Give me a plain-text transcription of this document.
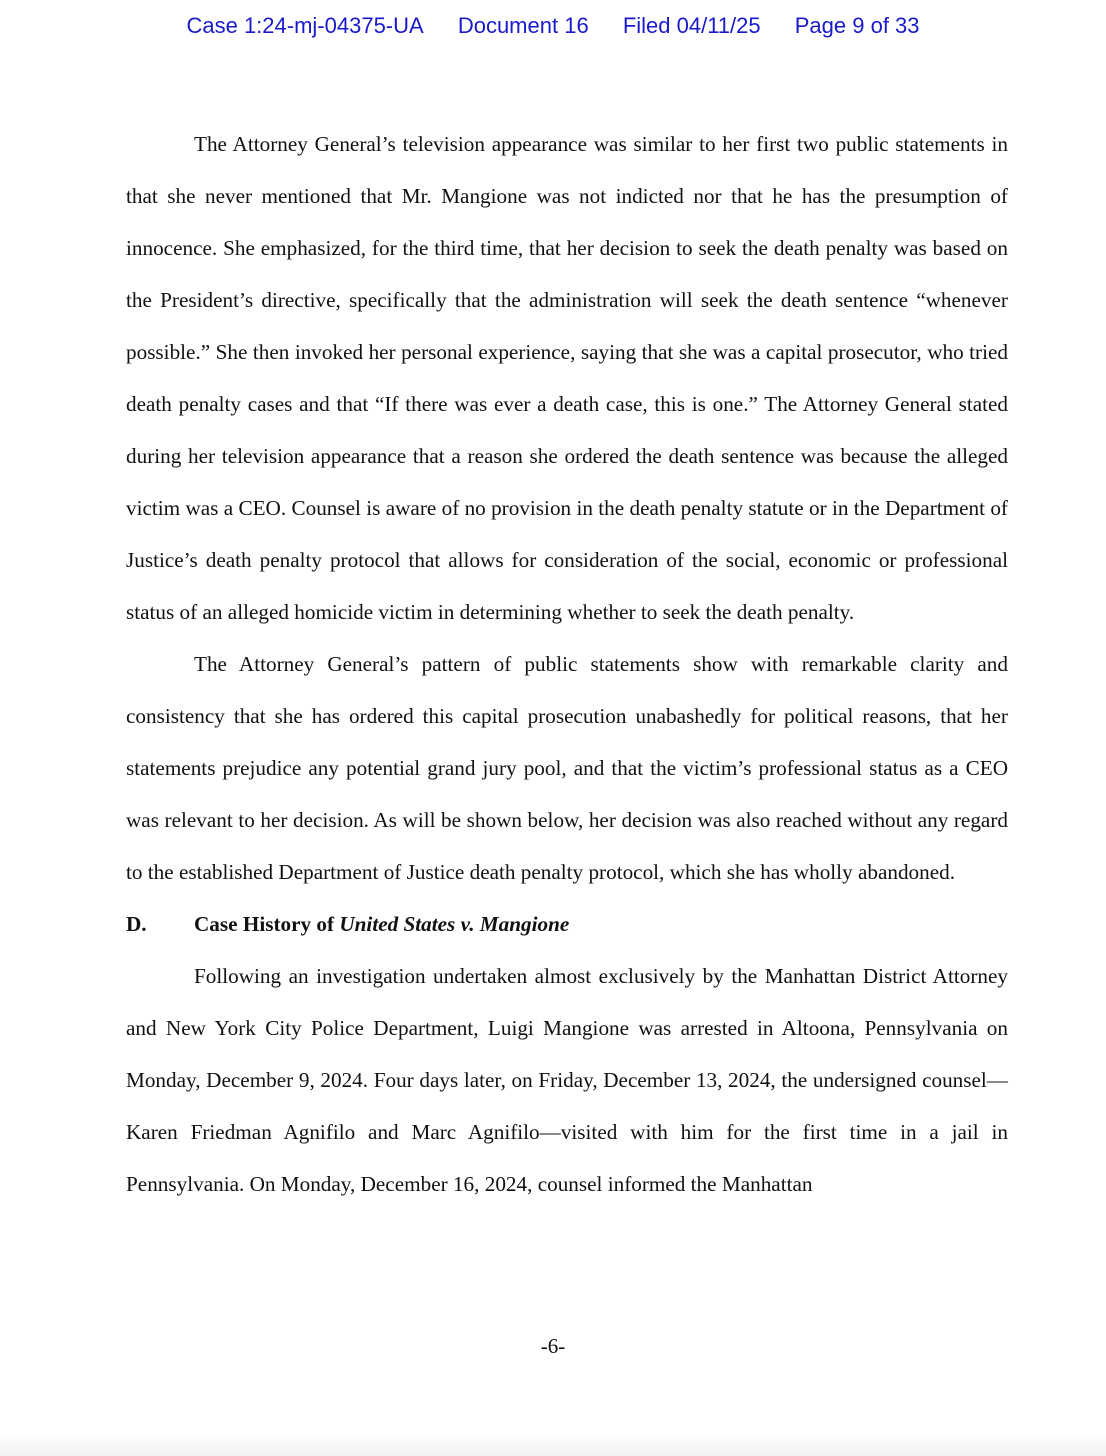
Case 1:24-mj-04375-UA Document 16 Filed 04/11/25 Page 9 of 33

The Attorney General’s television appearance was similar to her first two public statements in that she never mentioned that Mr. Mangione was not indicted nor that he has the presumption of innocence. She emphasized, for the third time, that her decision to seek the death penalty was based on the President’s directive, specifically that the administration will seek the death sentence “whenever possible.” She then invoked her personal experience, saying that she was a capital prosecutor, who tried death penalty cases and that “If there was ever a death case, this is one.” The Attorney General stated during her television appearance that a reason she ordered the death sentence was because the alleged victim was a CEO. Counsel is aware of no provision in the death penalty statute or in the Department of Justice’s death penalty protocol that allows for consideration of the social, economic or professional status of an alleged homicide victim in determining whether to seek the death penalty.

The Attorney General’s pattern of public statements show with remarkable clarity and consistency that she has ordered this capital prosecution unabashedly for political reasons, that her statements prejudice any potential grand jury pool, and that the victim’s professional status as a CEO was relevant to her decision. As will be shown below, her decision was also reached without any regard to the established Department of Justice death penalty protocol, which she has wholly abandoned.

D.	Case History of United States v. Mangione

Following an investigation undertaken almost exclusively by the Manhattan District Attorney and New York City Police Department, Luigi Mangione was arrested in Altoona, Pennsylvania on Monday, December 9, 2024. Four days later, on Friday, December 13, 2024, the undersigned counsel—Karen Friedman Agnifilo and Marc Agnifilo—visited with him for the first time in a jail in Pennsylvania. On Monday, December 16, 2024, counsel informed the Manhattan

-6-
